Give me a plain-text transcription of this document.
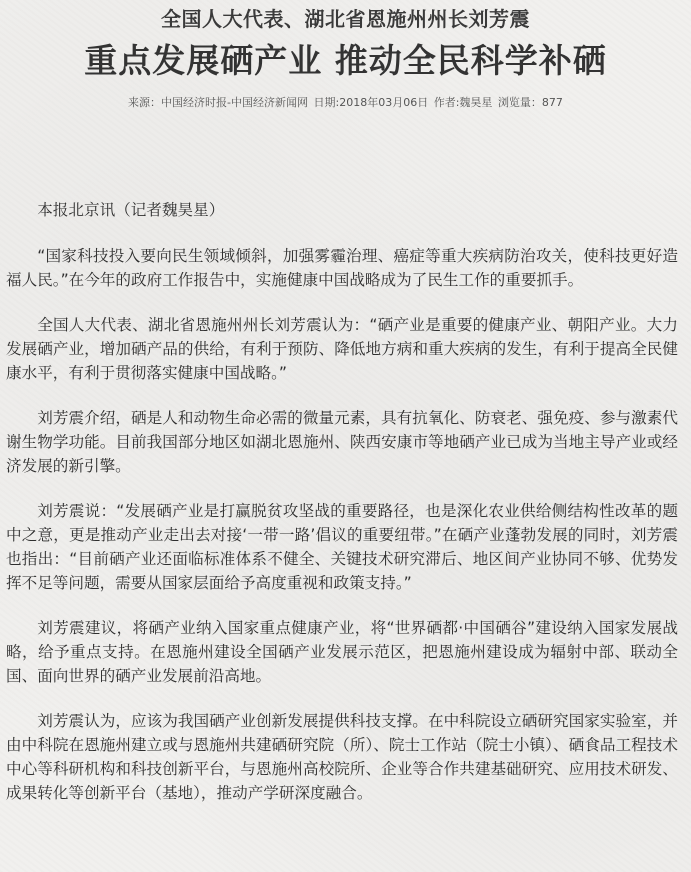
全国人大代表、湖北省恩施州州长刘芳震
重点发展硒产业 推动全民科学补硒
来源：中国经济时报-中国经济新闻网 日期:2018年03月06日 作者:魏昊星 浏览量：877

本报北京讯（记者魏昊星）

“国家科技投入要向民生领域倾斜，加强雾霾治理、癌症等重大疾病防治攻关，使科技更好造福人民。”在今年的政府工作报告中，实施健康中国战略成为了民生工作的重要抓手。

全国人大代表、湖北省恩施州州长刘芳震认为：“硒产业是重要的健康产业、朝阳产业。大力发展硒产业，增加硒产品的供给，有利于预防、降低地方病和重大疾病的发生，有利于提高全民健康水平，有利于贯彻落实健康中国战略。”

刘芳震介绍，硒是人和动物生命必需的微量元素，具有抗氧化、防衰老、强免疫、参与激素代谢生物学功能。目前我国部分地区如湖北恩施州、陕西安康市等地硒产业已成为当地主导产业或经济发展的新引擎。

刘芳震说：“发展硒产业是打赢脱贫攻坚战的重要路径，也是深化农业供给侧结构性改革的题中之意，更是推动产业走出去对接‘一带一路’倡议的重要纽带。”在硒产业蓬勃发展的同时，刘芳震也指出：“目前硒产业还面临标准体系不健全、关键技术研究滞后、地区间产业协同不够、优势发挥不足等问题，需要从国家层面给予高度重视和政策支持。”

刘芳震建议，将硒产业纳入国家重点健康产业，将“世界硒都·中国硒谷”建设纳入国家发展战略，给予重点支持。在恩施州建设全国硒产业发展示范区，把恩施州建设成为辐射中部、联动全国、面向世界的硒产业发展前沿高地。

刘芳震认为，应该为我国硒产业创新发展提供科技支撑。在中科院设立硒研究国家实验室，并由中科院在恩施州建立或与恩施州共建硒研究院（所）、院士工作站（院士小镇）、硒食品工程技术中心等科研机构和科技创新平台，与恩施州高校院所、企业等合作共建基础研究、应用技术研发、成果转化等创新平台（基地），推动产学研深度融合。
